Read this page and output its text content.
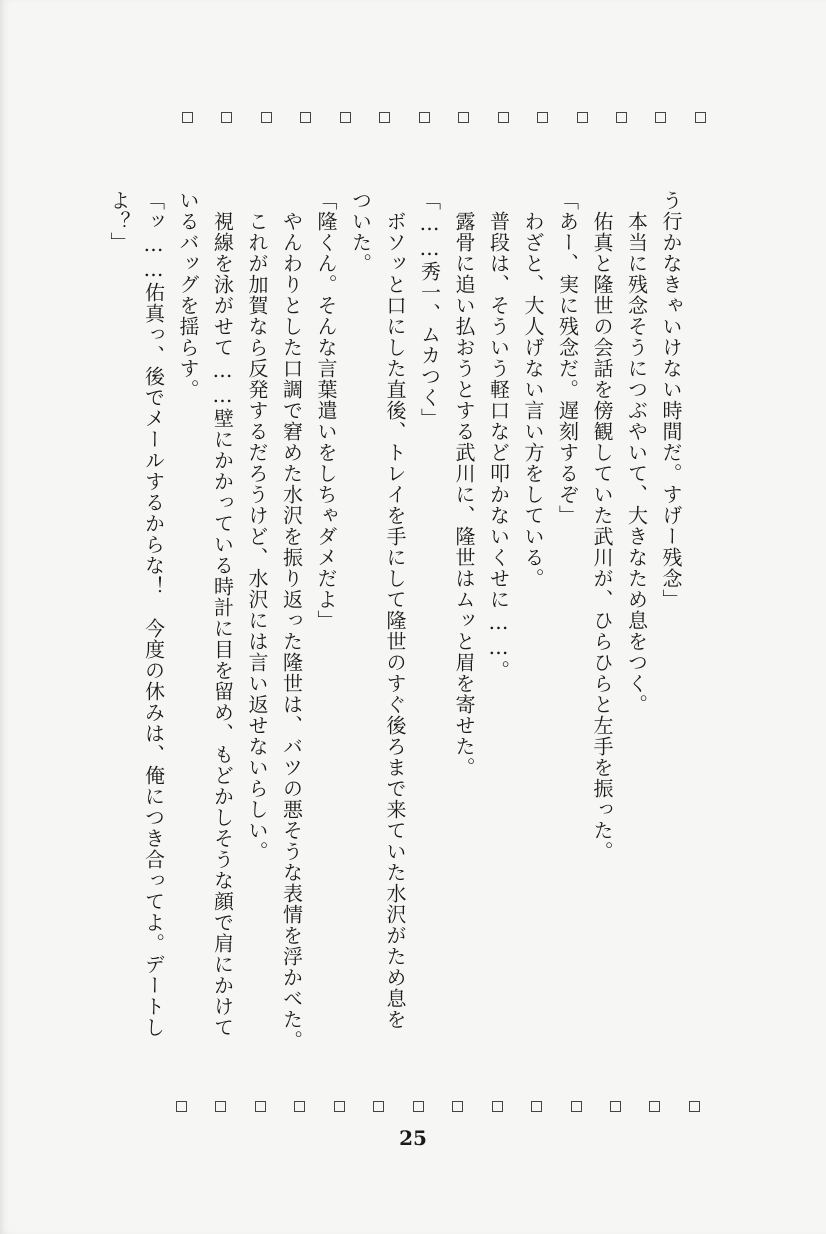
う行かなきゃいけない時間だ。すげー残念」
　本当に残念そうにつぶやいて、大きなため息をつく。
　佑真と隆世の会話を傍観していた武川が、ひらひらと左手を振った。
「あー、実に残念だ。遅刻するぞ」
　わざと、大人げない言い方をしている。
　普段は、そういう軽口など叩かないくせに……。
　露骨に追い払おうとする武川に、隆世はムッと眉を寄せた。
「……秀一、ムカつく」
　ボソッと口にした直後、トレイを手にして隆世のすぐ後ろまで来ていた水沢がため息を
ついた。
「隆くん。そんな言葉遣いをしちゃダメだよ」
　やんわりとした口調で窘めた水沢を振り返った隆世は、バツの悪そうな表情を浮かべた。
　これが加賀なら反発するだろうけど、水沢には言い返せないらしい。
　視線を泳がせて……壁にかかっている時計に目を留め、もどかしそうな顔で肩にかけて
いるバッグを揺らす。
「ッ……佑真っ、後でメールするからな！　今度の休みは、俺につき合ってよ。デートし
よ？」
25
